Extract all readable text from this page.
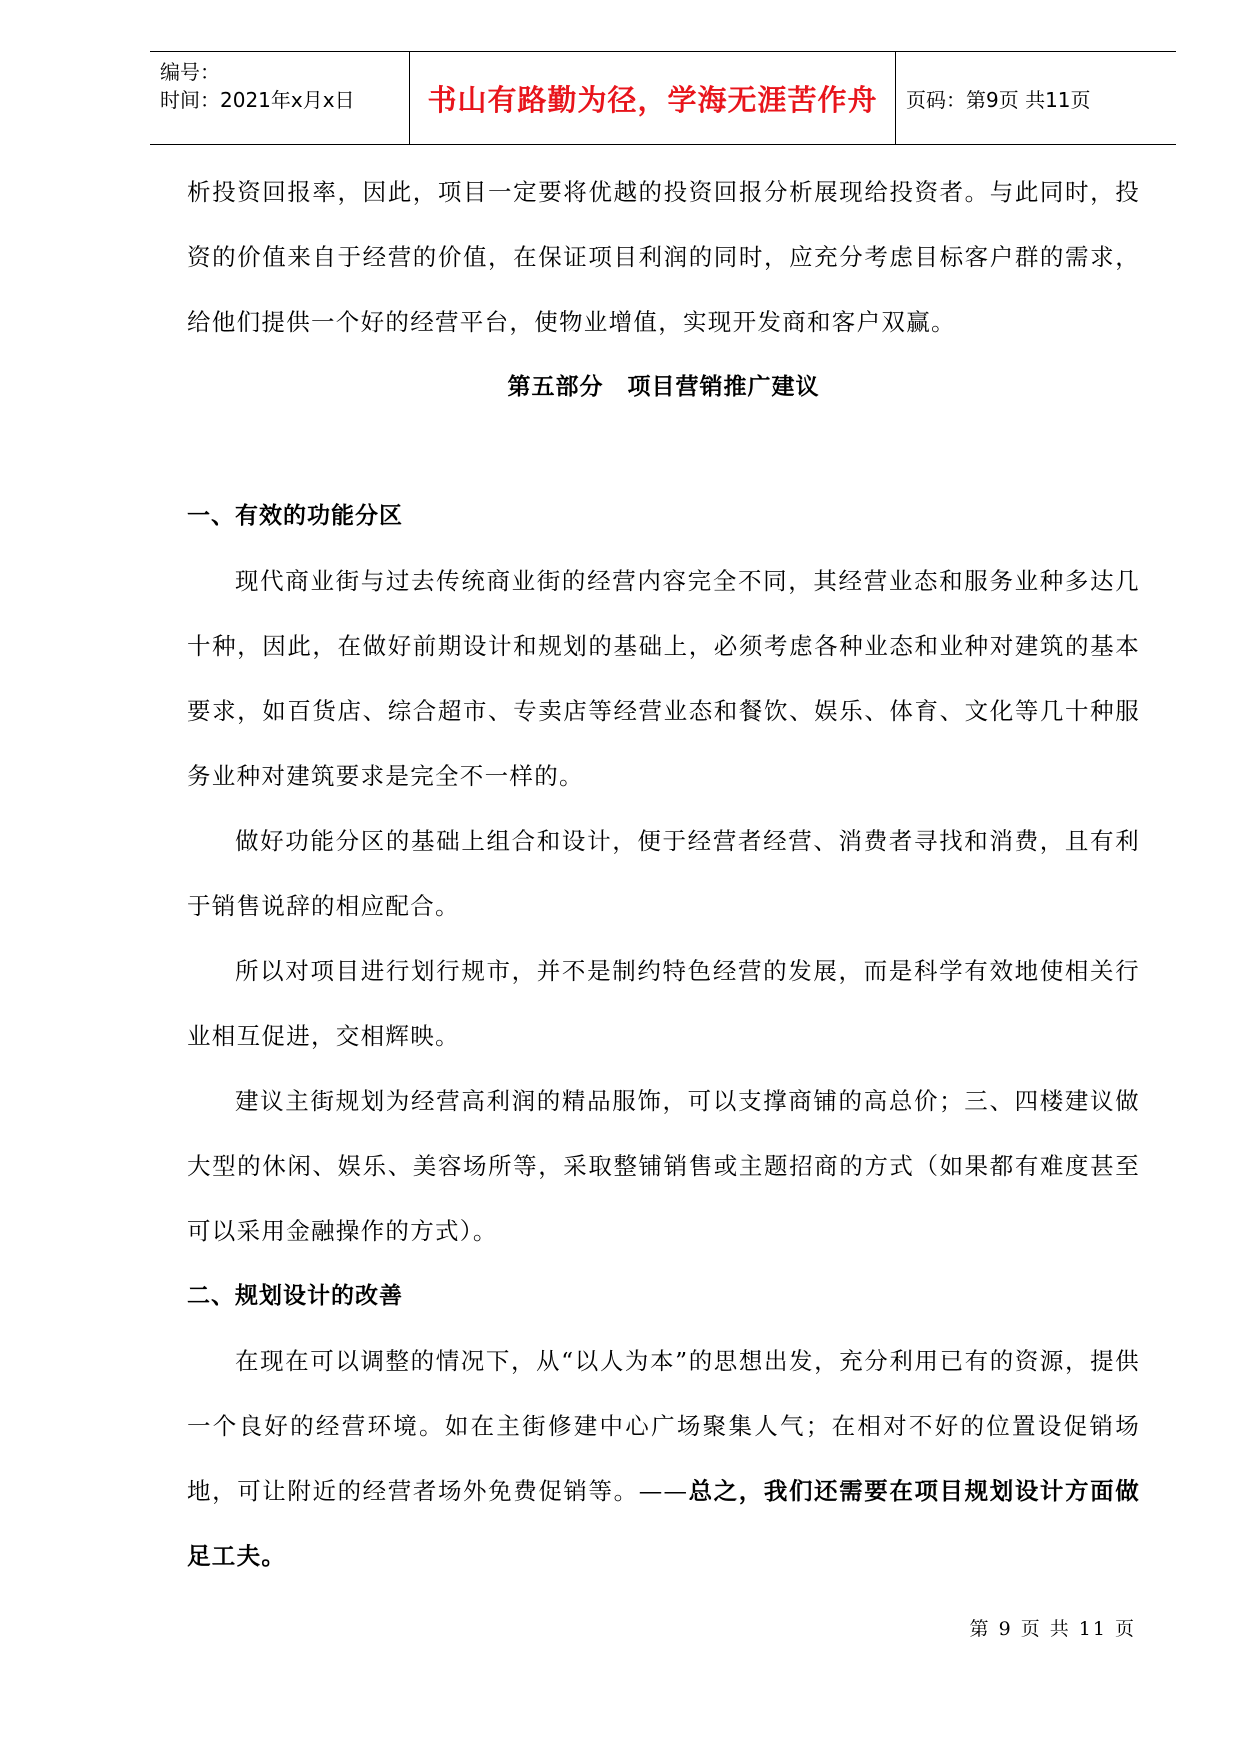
编号：
时间：2021年x月x日	书山有路勤为径，学海无涯苦作舟	页码：第9页 共11页

析投资回报率，因此，项目一定要将优越的投资回报分析展现给投资者。与此同时，投资的价值来自于经营的价值，在保证项目利润的同时，应充分考虑目标客户群的需求，给他们提供一个好的经营平台，使物业增值，实现开发商和客户双赢。

第五部分　项目营销推广建议

一、有效的功能分区

现代商业街与过去传统商业街的经营内容完全不同，其经营业态和服务业种多达几十种，因此，在做好前期设计和规划的基础上，必须考虑各种业态和业种对建筑的基本要求，如百货店、综合超市、专卖店等经营业态和餐饮、娱乐、体育、文化等几十种服务业种对建筑要求是完全不一样的。

做好功能分区的基础上组合和设计，便于经营者经营、消费者寻找和消费，且有利于销售说辞的相应配合。

所以对项目进行划行规市，并不是制约特色经营的发展，而是科学有效地使相关行业相互促进，交相辉映。

建议主街规划为经营高利润的精品服饰，可以支撑商铺的高总价；三、四楼建议做大型的休闲、娱乐、美容场所等，采取整铺销售或主题招商的方式（如果都有难度甚至可以采用金融操作的方式）。

二、规划设计的改善

在现在可以调整的情况下，从“以人为本”的思想出发，充分利用已有的资源，提供一个良好的经营环境。如在主街修建中心广场聚集人气；在相对不好的位置设促销场地，可让附近的经营者场外免费促销等。——总之，我们还需要在项目规划设计方面做足工夫。

第 9 页 共 11 页
